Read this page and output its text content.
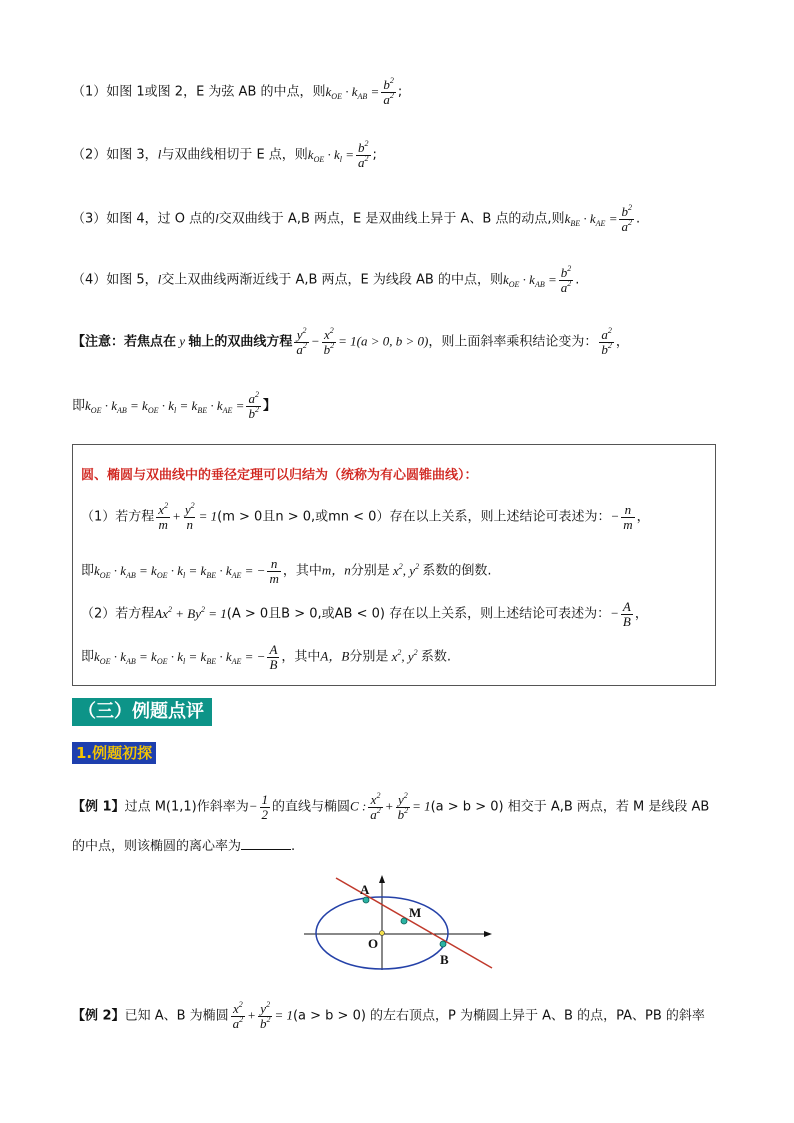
（1）如图 1或图 2，E 为弦 AB 的中点，则$k_{OE} \cdot k_{AB} = \frac{b^2}{a^2}$ ;
（2）如图 3，l与双曲线相切于 E 点，则$k_{OE} \cdot k_l = \frac{b^2}{a^2}$ ;
（3）如图 4，过 O 点的l交双曲线于 A,B 两点，E 是双曲线上异于 A、B 点的动点,则$k_{BE} \cdot k_{AE} = \frac{b^2}{a^2}$ .
（4）如图 5，l交上双曲线两渐近线于 A,B 两点，E 为线段 AB 的中点，则$k_{OE} \cdot k_{AB} = \frac{b^2}{a^2}$ .
【注意：若焦点在 y 轴上的双曲线方程 $\frac{y^2}{a^2} - \frac{x^2}{b^2} = 1(a > 0$, b > 0)，则上面斜率乘积结论变为： $\frac{a^2}{b^2}$ ，
即$k_{OE} \cdot k_{AB} = k_{OE} \cdot k_l = k_{BE} \cdot k_{AE} = \frac{a^2}{b^2}$ 】
圆、椭圆与双曲线中的垂径定理可以归结为（统称为有心圆锥曲线）：
（1）若方程 $\frac{x^2}{m} + \frac{y^2}{n} = 1(m > 0$且n > 0,或mn < 0）存在以上关系，则上述结论可表述为：− $\frac{n}{m}$ ，
即$k_{OE} \cdot k_{AB} = k_{OE} \cdot k_l = k_{BE} \cdot k_{AE}$ = − $\frac{n}{m}$ ，其中m，n分别是 $x^2$, $y^2$ 系数的倒数.
（2）若方程$Ax^2 + By^2 = 1(A > 0$且B > 0,或AB < 0) 存在以上关系，则上述结论可表述为：− $\frac{A}{B}$ ，
即$k_{OE} \cdot k_{AB} = k_{OE} \cdot k_l = k_{BE} \cdot k_{AE}$ = − $\frac{A}{B}$ ，其中A，B分别是 $x^2$, $y^2$ 系数.
（三）例题点评
1.例题初探
【例 1】过点 M(1,1)作斜率为− $\frac{1}{2}$ 的直线与椭圆C : $\frac{x^2}{a^2} + \frac{y^2}{b^2} = 1(a > b > 0)$ 相交于 A,B 两点，若 M 是线段 AB
的中点，则该椭圆的离心率为	.
A
M
O
B
【例 2】已知 A、B 为椭圆 $\frac{x^2}{a^2} + \frac{y^2}{b^2} = 1(a > b > 0)$ 的左右顶点，P 为椭圆上异于 A、B 的点，PA、PB 的斜率
